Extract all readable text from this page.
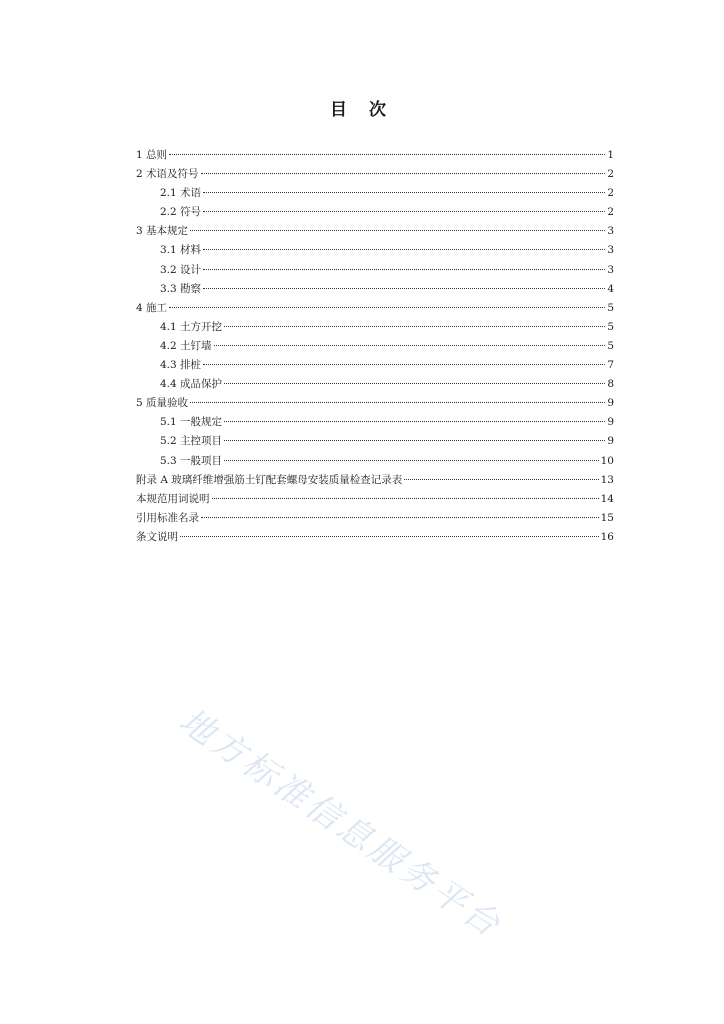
目 次
1 总则	1
2 术语及符号	2
2.1 术语	2
2.2 符号	2
3 基本规定	3
3.1 材料	3
3.2 设计	3
3.3 勘察	4
4 施工	5
4.1 土方开挖	5
4.2 土钉墙	5
4.3 排桩	7
4.4 成品保护	8
5 质量验收	9
5.1 一般规定	9
5.2 主控项目	9
5.3 一般项目	10
附录 A 玻璃纤维增强筋土钉配套螺母安装质量检查记录表	13
本规范用词说明	14
引用标准名录	15
条文说明	16
地方标准信息服务平台
